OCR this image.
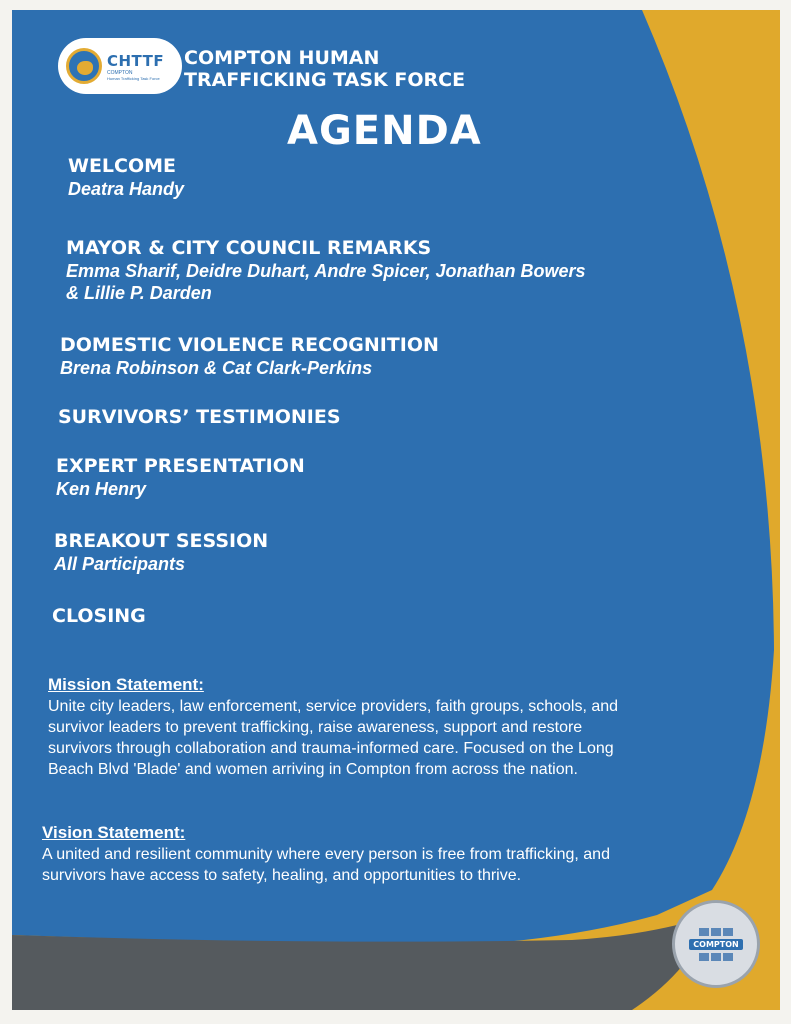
CHTTF
COMPTON
Human Trafficking Task Force
COMPTON HUMAN
TRAFFICKING TASK FORCE
AGENDA

WELCOME

Deatra Handy

MAYOR & CITY COUNCIL REMARKS

Emma Sharif, Deidre Duhart, Andre Spicer, Jonathan Bowers

& Lillie P. Darden

DOMESTIC VIOLENCE RECOGNITION

Brena Robinson & Cat Clark-Perkins

SURVIVORS’ TESTIMONIES

EXPERT PRESENTATION

Ken Henry

BREAKOUT SESSION

All Participants

CLOSING

Mission Statement:

Unite city leaders, law enforcement, service providers, faith groups, schools, and

survivor leaders to prevent trafficking, raise awareness, support and restore

survivors through collaboration and trauma-informed care. Focused on the Long

Beach Blvd 'Blade' and women arriving in Compton from across the nation.

Vision Statement:

A united and resilient community where every person is free from trafficking, and

survivors have access to safety, healing, and opportunities to thrive.

COMPTON
